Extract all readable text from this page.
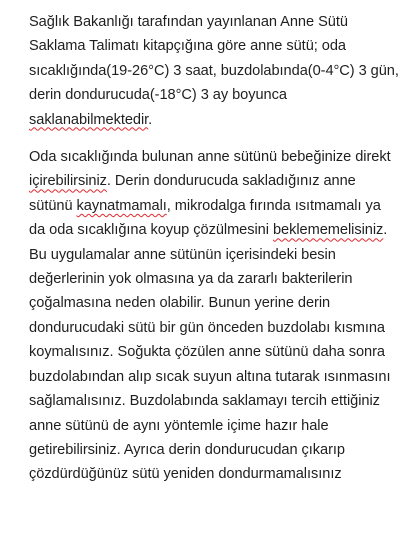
Sağlık Bakanlığı tarafından yayınlanan Anne Sütü
Saklama Talimatı kitapçığına göre anne sütü; oda
sıcaklığında(19-26°C) 3 saat, buzdolabında(0-4°C) 3 gün,
derin dondurucuda(-18°C) 3 ay boyunca
saklanabilmektedir.

Oda sıcaklığında bulunan anne sütünü bebeğinize direkt
içirebilirsiniz. Derin dondurucuda sakladığınız anne
sütünü kaynatmamalı, mikrodalga fırında ısıtmamalı ya
da oda sıcaklığına koyup çözülmesini beklememelisiniz.
Bu uygulamalar anne sütünün içerisindeki besin
değerlerinin yok olmasına ya da zararlı bakterilerin
çoğalmasına neden olabilir. Bunun yerine derin
dondurucudaki sütü bir gün önceden buzdolabı kısmına
koymalısınız. Soğukta çözülen anne sütünü daha sonra
buzdolabından alıp sıcak suyun altına tutarak ısınmasını
sağlamalısınız. Buzdolabında saklamayı tercih ettiğiniz
anne sütünü de aynı yöntemle içime hazır hale
getirebilirsiniz. Ayrıca derin dondurucudan çıkarıp
çözdürdüğünüz sütü yeniden dondurmamalısınız
